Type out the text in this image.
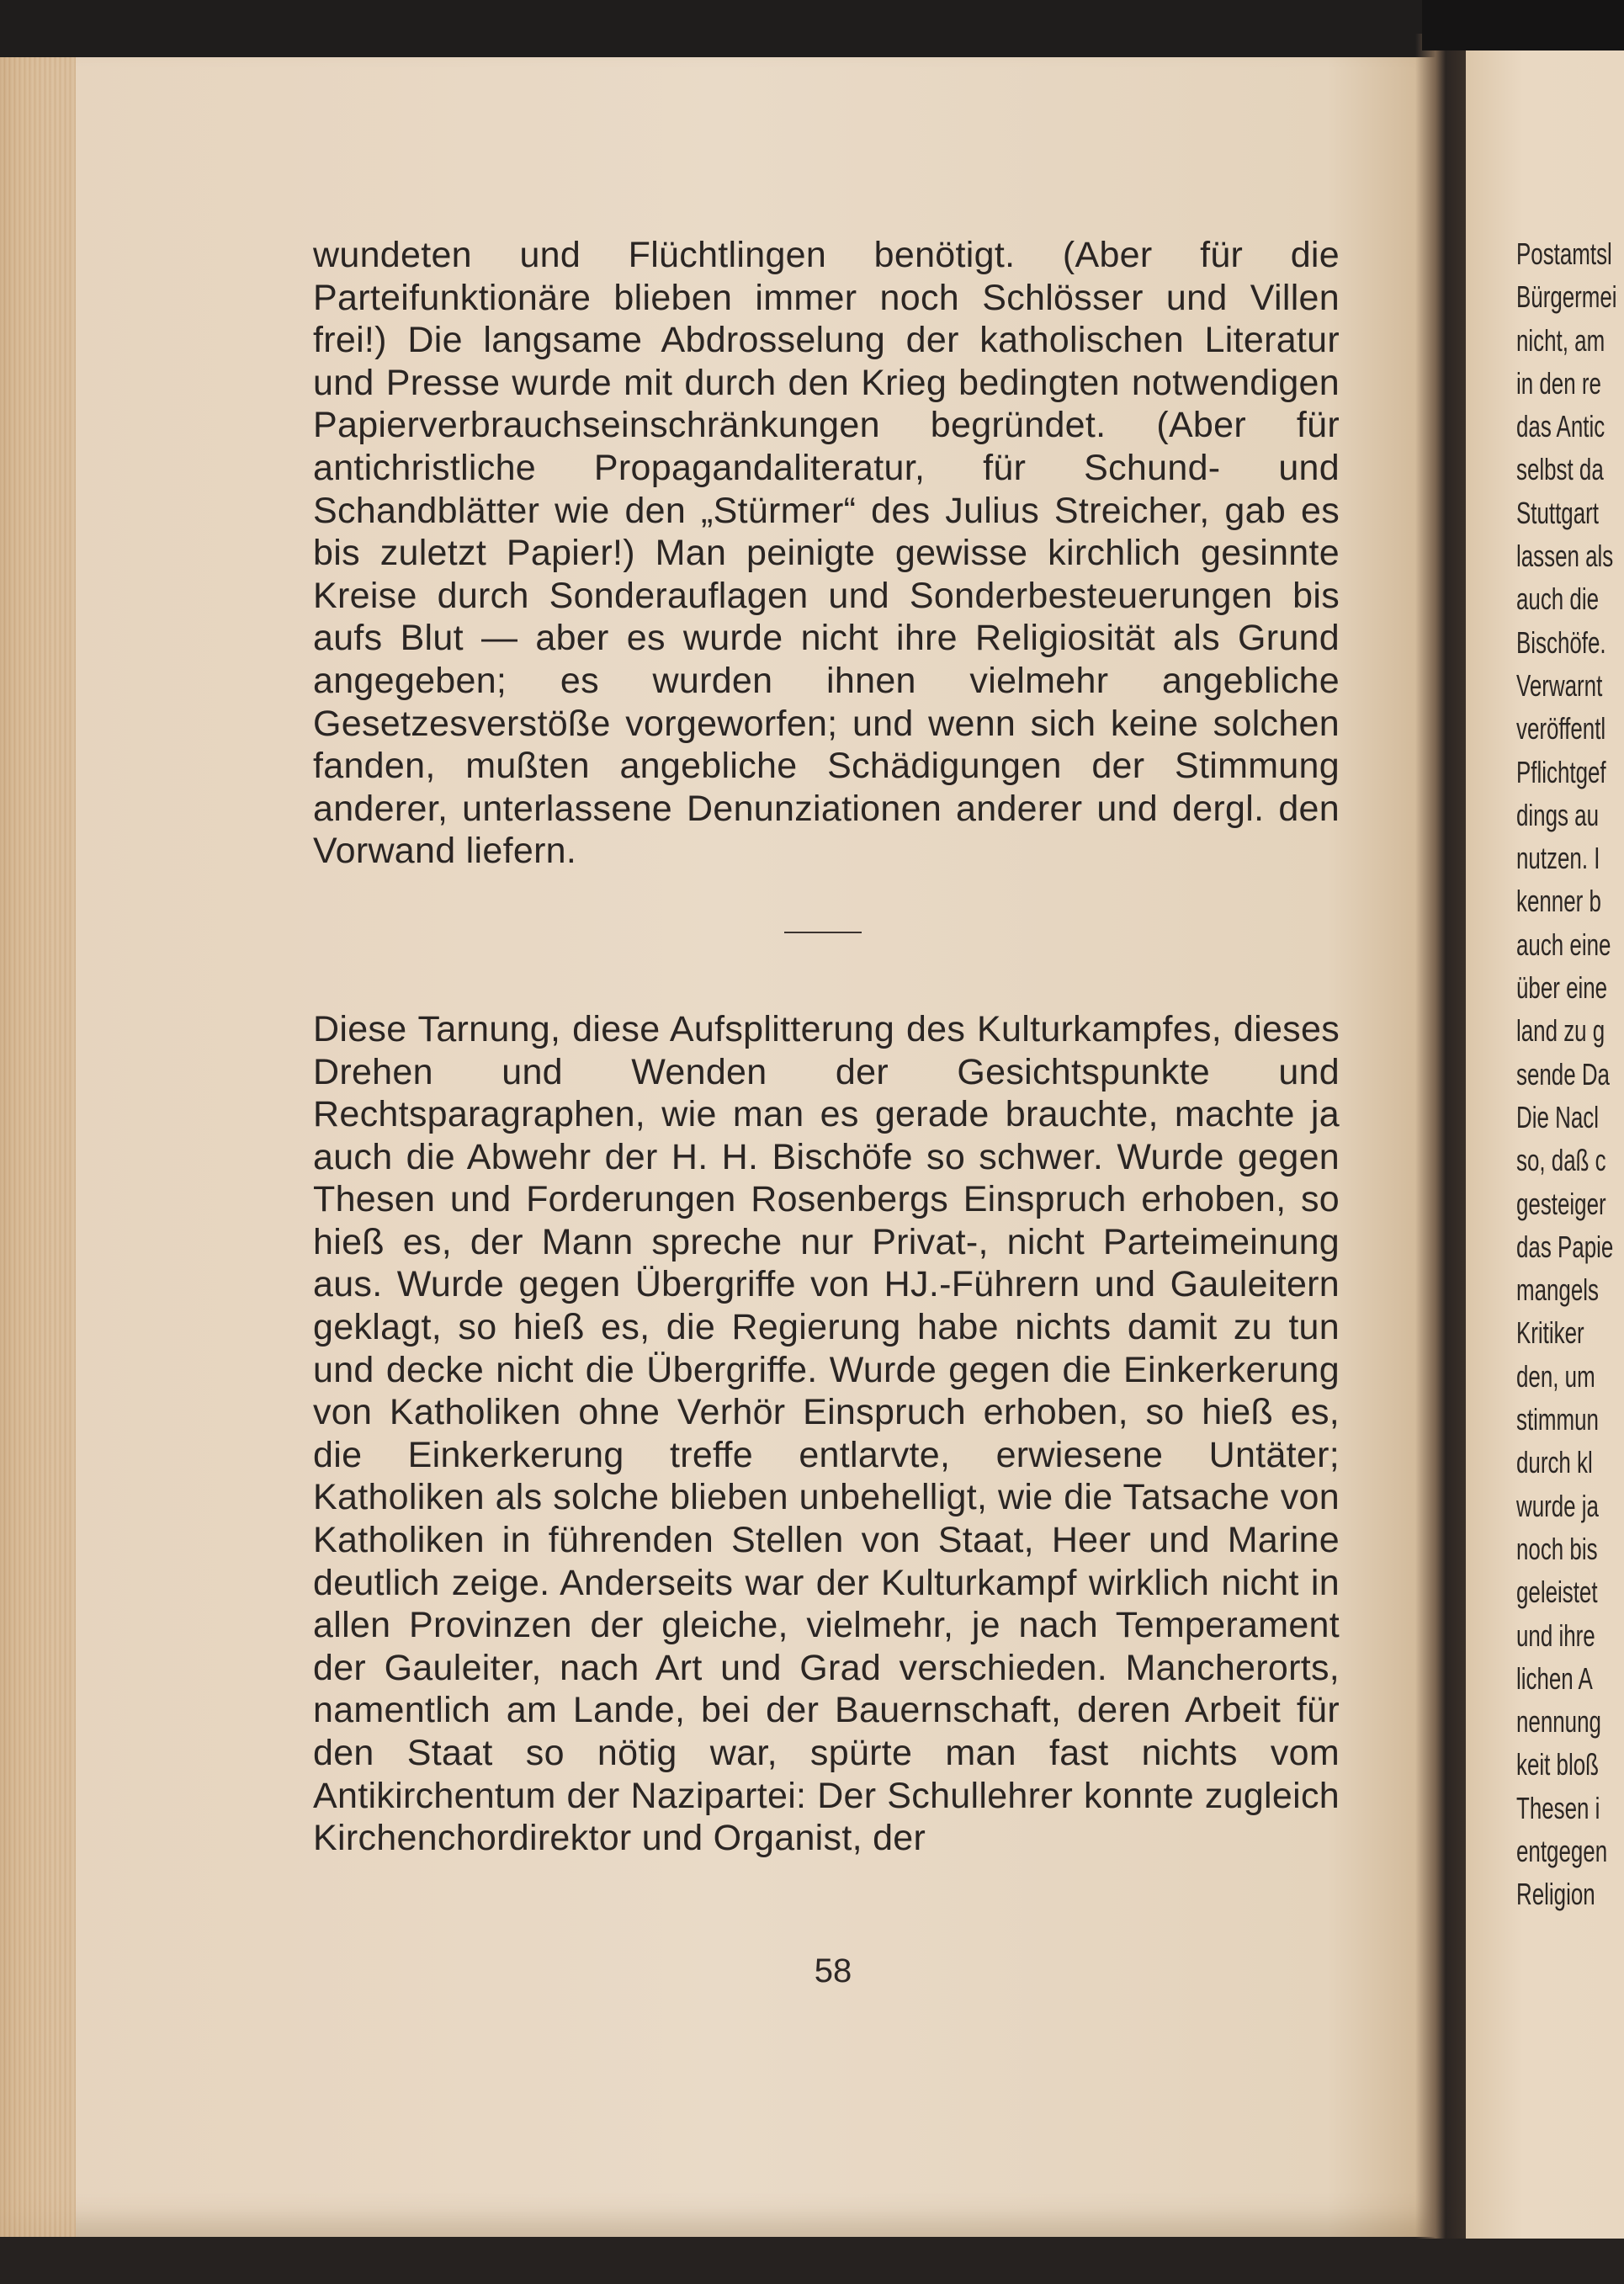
wundeten und Flüchtlingen benötigt. (Aber für die Parteifunktionäre blieben immer noch Schlösser und Villen frei!) Die langsame Abdrosselung der katholischen Literatur und Presse wurde mit durch den Krieg bedingten notwendigen Papierverbrauchseinschränkungen begründet. (Aber für antichristliche Propagandaliteratur, für Schund- und Schandblätter wie den „Stürmer“ des Julius Streicher, gab es bis zuletzt Papier!) Man peinigte gewisse kirchlich gesinnte Kreise durch Sonderauflagen und Sonderbesteuerungen bis aufs Blut — aber es wurde nicht ihre Religiosität als Grund angegeben; es wurden ihnen vielmehr angebliche Gesetzesverstöße vorgeworfen; und wenn sich keine solchen fanden, mußten angebliche Schädigungen der Stimmung anderer, unterlassene Denunziationen anderer und dergl. den Vorwand liefern.

Diese Tarnung, diese Aufsplitterung des Kulturkampfes, dieses Drehen und Wenden der Gesichtspunkte und Rechtsparagraphen, wie man es gerade brauchte, machte ja auch die Abwehr der H. H. Bischöfe so schwer. Wurde gegen Thesen und Forderungen Rosenbergs Einspruch erhoben, so hieß es, der Mann spreche nur Privat-, nicht Parteimeinung aus. Wurde gegen Übergriffe von HJ.-Führern und Gauleitern geklagt, so hieß es, die Regierung habe nichts damit zu tun und decke nicht die Übergriffe. Wurde gegen die Einkerkerung von Katholiken ohne Verhör Einspruch erhoben, so hieß es, die Einkerkerung treffe entlarvte, erwiesene Untäter; Katholiken als solche blieben unbehelligt, wie die Tatsache von Katholiken in führenden Stellen von Staat, Heer und Marine deutlich zeige. Anderseits war der Kulturkampf wirklich nicht in allen Provinzen der gleiche, vielmehr, je nach Temperament der Gauleiter, nach Art und Grad verschieden. Mancherorts, namentlich am Lande, bei der Bauernschaft, deren Arbeit für den Staat so nötig war, spürte man fast nichts vom Antikirchentum der Nazipartei: Der Schullehrer konnte zugleich Kirchenchordirektor und Organist, der

58
Postamtsl
Bürgermei
nicht, am
in den re
das Antic
selbst da
Stuttgart
lassen als
auch die
Bischöfe.
Verwarnt
veröffentl
Pflichtgef
dings au
nutzen. I
kenner b
auch eine
über eine
land zu g
sende Da
Die Nacl
so, daß c
gesteiger
das Papie
mangels
Kritiker
den, um
stimmun
durch kl
wurde ja
noch bis
geleistet
und ihre
lichen A
nennung
keit bloß
Thesen i
entgegen
Religion
